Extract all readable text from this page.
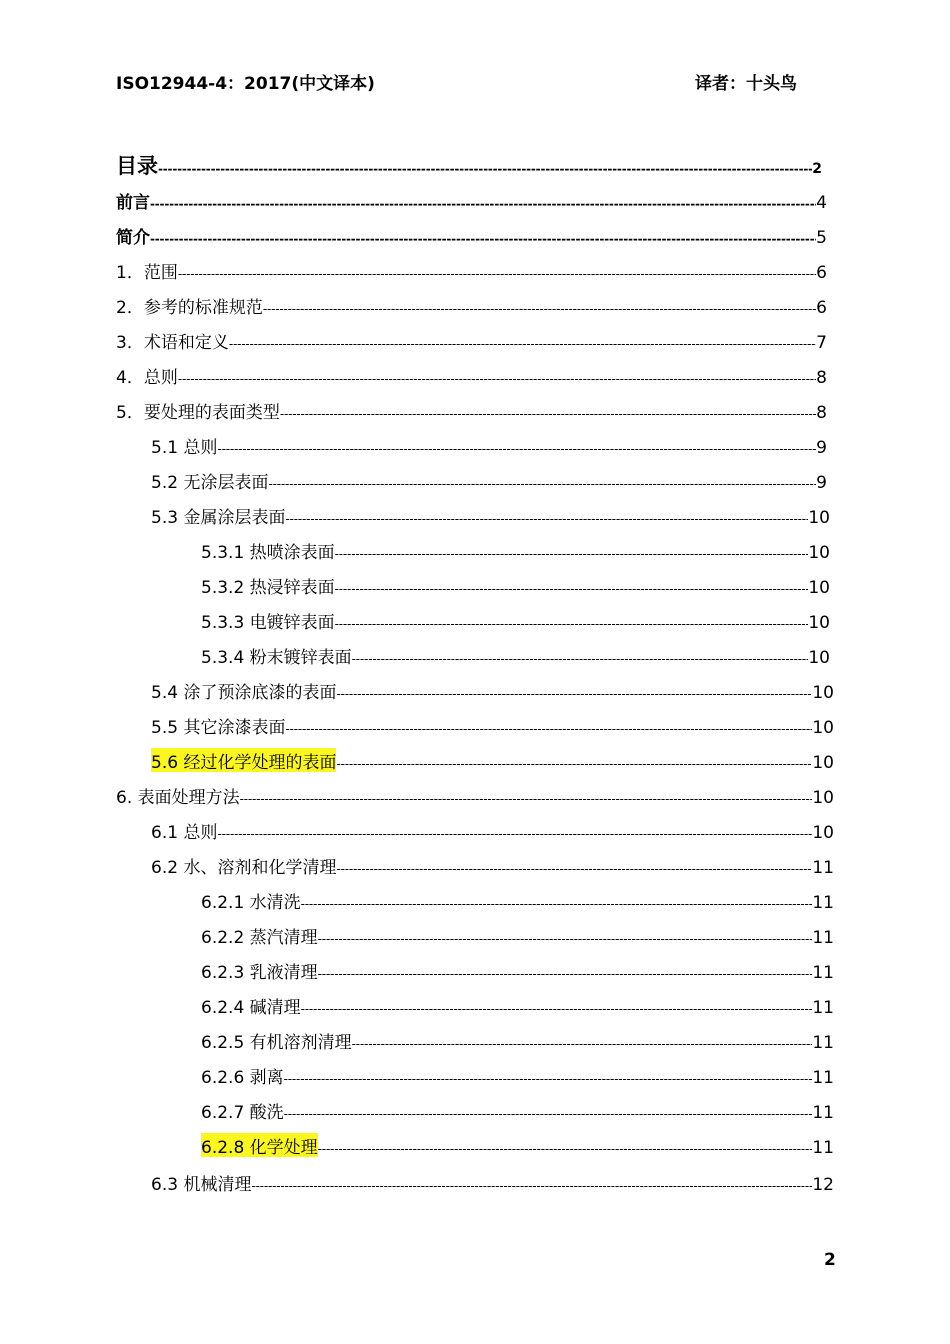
ISO12944-4：2017(中文译本)	译者：十头鸟
目录 -----	2
前言 -----	4
简介 -----	5
1．范围 -----	6
2．参考的标准规范 -----	6
3．术语和定义 -----	7
4．总则 -----	8
5．要处理的表面类型 -----	8
5.1 总则 -----	9
5.2 无涂层表面 -----	9
5.3 金属涂层表面 -----	10
5.3.1 热喷涂表面 -----	10
5.3.2 热浸锌表面 -----	10
5.3.3 电镀锌表面 -----	10
5.3.4 粉末镀锌表面 -----	10
5.4 涂了预涂底漆的表面 -----	10
5.5 其它涂漆表面 -----	10
5.6 经过化学处理的表面 -----	10
6. 表面处理方法 -----	10
6.1 总则 -----	10
6.2 水、溶剂和化学清理 -----	11
6.2.1 水清洗 -----	11
6.2.2 蒸汽清理 -----	11
6.2.3 乳液清理 -----	11
6.2.4 碱清理 -----	11
6.2.5 有机溶剂清理 -----	11
6.2.6 剥离 -----	11
6.2.7 酸洗 -----	11
6.2.8 化学处理 -----	11
6.3 机械清理 -----	12
2
